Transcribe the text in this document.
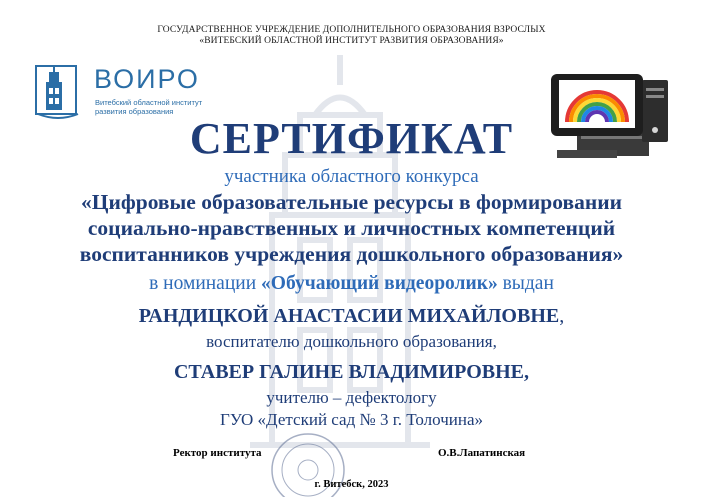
ГОСУДАРСТВЕННОЕ УЧРЕЖДЕНИЕ ДОПОЛНИТЕЛЬНОГО ОБРАЗОВАНИЯ ВЗРОСЛЫХ
«ВИТЕБСКИЙ ОБЛАСТНОЙ ИНСТИТУТ РАЗВИТИЯ ОБРАЗОВАНИЯ»
ВОИРО
Витебский областной институт развития образования
СЕРТИФИКАТ
участника областного конкурса
«Цифровые образовательные ресурсы в формировании
социально-нравственных и личностных компетенций
воспитанников учреждения дошкольного образования»
в номинации «Обучающий видеоролик» выдан
РАНДИЦКОЙ АНАСТАСИИ МИХАЙЛОВНЕ,
воспитателю дошкольного образования,
СТАВЕР ГАЛИНЕ ВЛАДИМИРОВНЕ,
учителю – дефектологу
ГУО «Детский сад № 3 г. Толочина»
Ректор института	О.В.Лапатинская
г. Витебск, 2023
